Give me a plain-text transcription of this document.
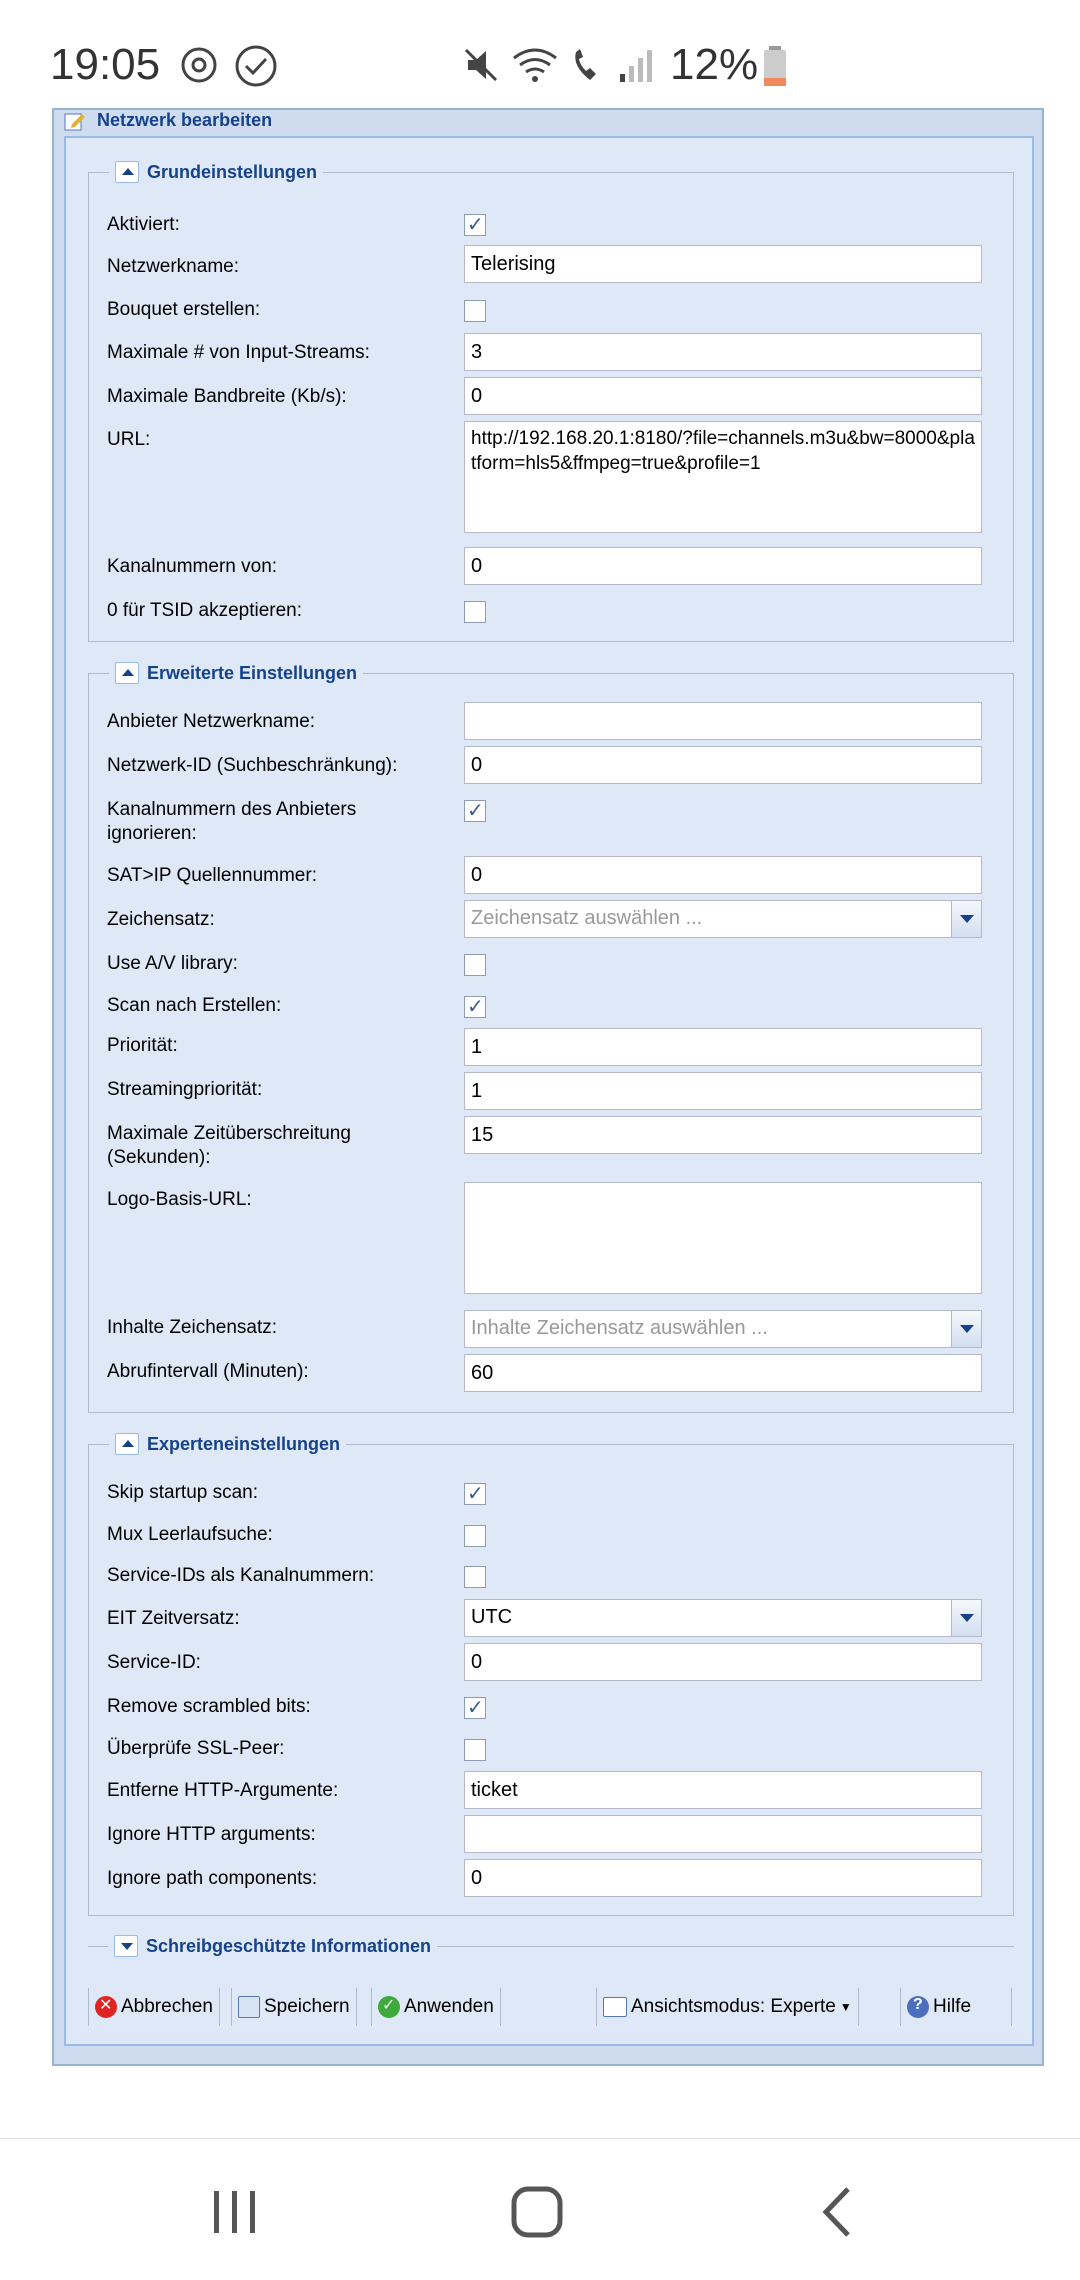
19:05	12%
Netzwerk bearbeiten
Grundeinstellungen
Aktiviert:
✓
Netzwerkname:	Telerising
Bouquet erstellen:
Maximale # von Input-Streams:	3
Maximale Bandbreite (Kb/s):	0
URL:	http://192.168.20.1:8180/?file=channels.m3u&bw=8000&platform=hls5&ffmpeg=true&profile=1
Kanalnummern von:	0
0 für TSID akzeptieren:
Erweiterte Einstellungen
Anbieter Netzwerkname:
Netzwerk-ID (Suchbeschränkung):	0
Kanalnummern des Anbieters ignorieren:
✓
SAT>IP Quellennummer:	0
Zeichensatz:	Zeichensatz auswählen ...
Use A/V library:
Scan nach Erstellen:
✓
Priorität:	1
Streamingpriorität:	1
Maximale Zeitüberschreitung (Sekunden):
15
Logo-Basis-URL:
Inhalte Zeichensatz:	Inhalte Zeichensatz auswählen ...
Abrufintervall (Minuten):	60
Experteneinstellungen
Skip startup scan:
✓
Mux Leerlaufsuche:
Service-IDs als Kanalnummern:
EIT Zeitversatz:	UTC
Service-ID:	0
Remove scrambled bits:
✓
Überprüfe SSL-Peer:
Entferne HTTP-Argumente:	ticket
Ignore HTTP arguments:
Ignore path components:	0
Schreibgeschützte Informationen
✕
Abbrechen	Speichern ✓	Anwenden	Ansichtsmodus: Experte ▼ ?	Hilfe
